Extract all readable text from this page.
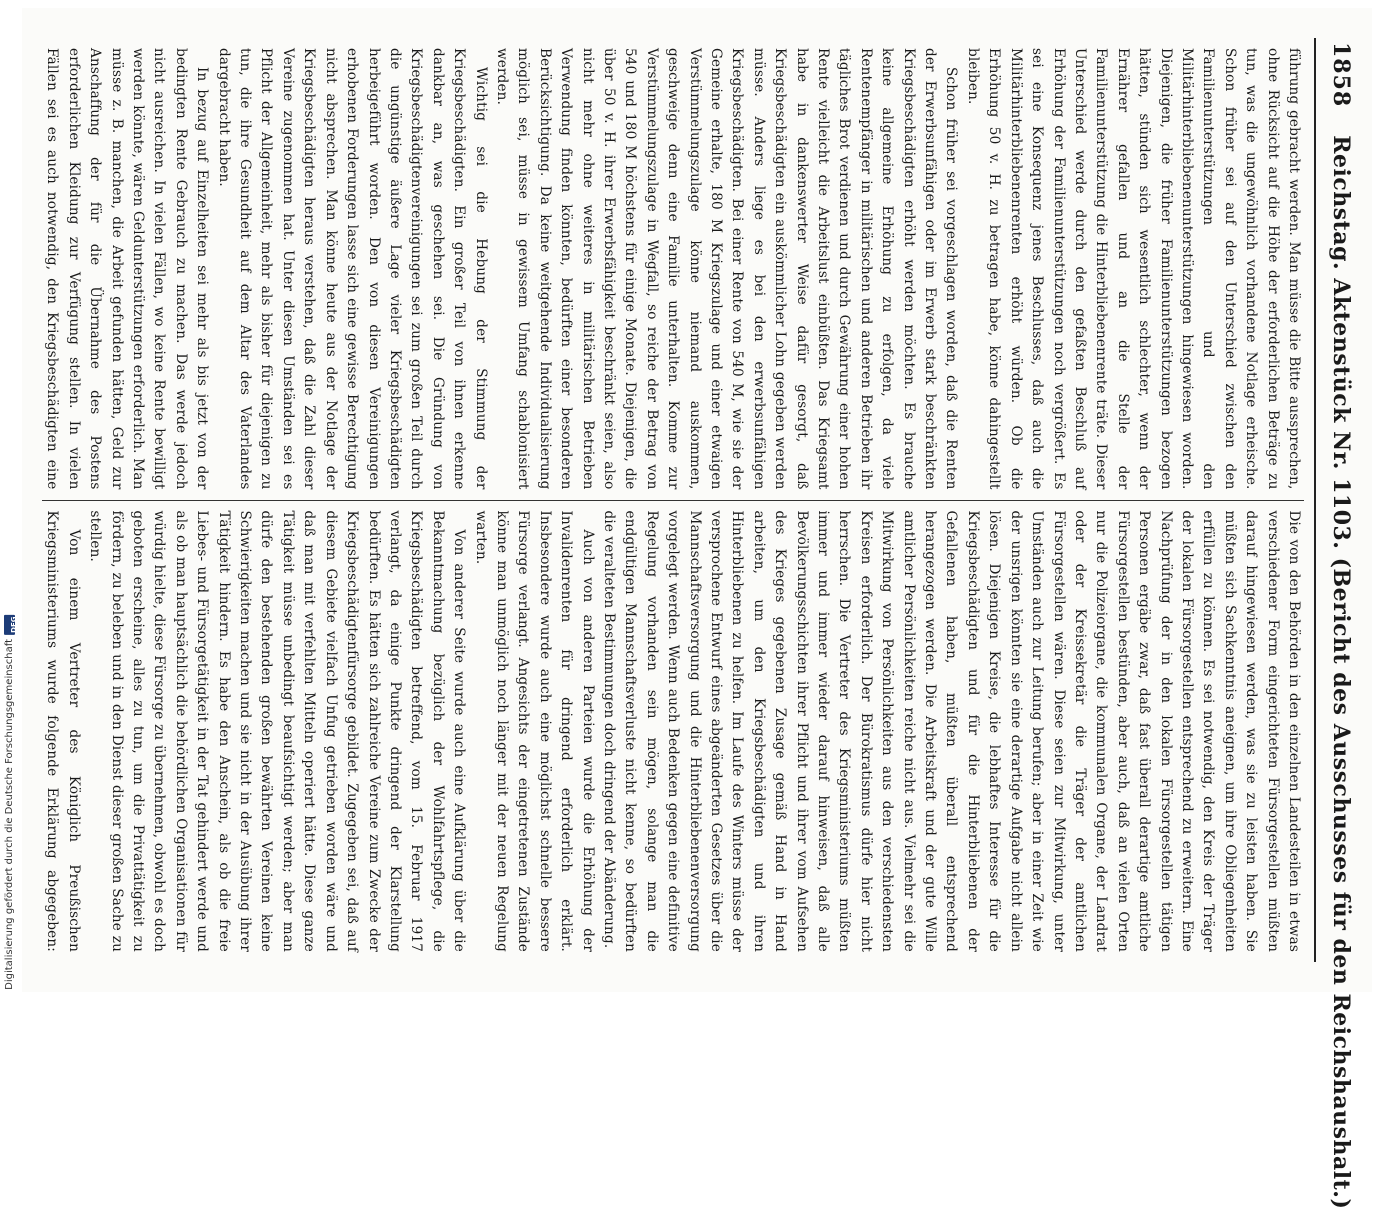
1858
Reichstag. Aktenstück Nr. 1103. (Bericht des Ausschusses für den Reichshaushalt.)

führung gebracht werden. Man müsse die Bitte aussprechen, ohne Rücksicht auf die Höhe der erforderlichen Beträge zu tun, was die ungewöhnlich vorhandene Notlage erheische. Schon früher sei auf den Unterschied zwischen den Familienunterstützungen und den Militärhinterbliebenenunterstützungen hingewiesen worden. Diejenigen, die früher Familienunterstützungen bezogen hätten, stünden sich wesentlich schlechter, wenn der Ernährer gefallen und an die Stelle der Familienunterstützung die Hinterbliebenenrente träte. Dieser Unterschied werde durch den gefaßten Beschluß auf Erhöhung der Familienunterstützungen noch vergrößert. Es sei eine Konsequenz jenes Beschlusses, daß auch die Militärhinterbliebenenrenten erhöht würden. Ob die Erhöhung 50 v. H. zu betragen habe, könne dahingestellt bleiben.

Schon früher sei vorgeschlagen worden, daß die Renten der Erwerbsunfähigen oder im Erwerb stark beschränkten Kriegsbeschädigten erhöht werden möchten. Es brauche keine allgemeine Erhöhung zu erfolgen, da viele Rentenempfänger in militärischen und anderen Betrieben ihr tägliches Brot verdienen und durch Gewährung einer hohen Rente vielleicht die Arbeitslust einbüßten. Das Kriegsamt habe in dankenswerter Weise dafür gesorgt, daß Kriegsbeschädigten ein auskömmlicher Lohn gegeben werden müsse. Anders liege es bei den erwerbsunfähigen Kriegsbeschädigten. Bei einer Rente von 540 M, wie sie der Gemeine erhalte, 180 M Kriegszulage und einer etwaigen Verstümmelungszulage könne niemand auskommen, geschweige denn eine Familie unterhalten. Komme zur Verstümmelungszulage in Wegfall, so reiche der Betrag von 540 und 180 M höchstens für einige Monate. Diejenigen, die über 50 v. H. ihrer Erwerbsfähigkeit beschränkt seien, also nicht mehr ohne weiteres in militärischen Betrieben Verwendung finden könnten, bedürften einer besonderen Berücksichtigung. Da keine weitgehende Individualisierung möglich sei, müsse in gewissem Umfang schablonisiert werden.

Wichtig sei die Hebung der Stimmung der Kriegsbeschädigten. Ein großer Teil von ihnen erkenne dankbar an, was geschehen sei. Die Gründung von Kriegsbeschädigtenvereinigungen sei zum großen Teil durch die ungünstige äußere Lage vieler Kriegsbeschädigten herbeigeführt worden. Den von diesen Vereinigungen erhobenen Forderungen lasse sich eine gewisse Berechtigung nicht absprechen. Man könne heute aus der Notlage der Kriegsbeschädigten heraus verstehen, daß die Zahl dieser Vereine zugenommen hat. Unter diesen Umständen sei es Pflicht der Allgemeinheit, mehr als bisher für diejenigen zu tun, die ihre Gesundheit auf dem Altar des Vaterlandes dargebracht haben.

In bezug auf Einzelheiten sei mehr als bis jetzt von der bedingten Rente Gebrauch zu machen. Das werde jedoch nicht ausreichen. In vielen Fällen, wo keine Rente bewilligt werden könnte, wären Geldunterstützungen erforderlich. Man müsse z. B. manchen, die Arbeit gefunden hätten, Geld zur Anschaffung der für die Übernahme des Postens erforderlichen Kleidung zur Verfügung stellen. In vielen Fällen sei es auch notwendig, den Kriegsbeschädigten eine

Die von den Behörden in den einzelnen Landesteilen in etwas verschiedener Form eingerichteten Fürsorgestellen müßten darauf hingewiesen werden, was sie zu leisten haben. Sie müßten sich Sachkenntnis aneignen, um ihre Obliegenheiten erfüllen zu können. Es sei notwendig, den Kreis der Träger der lokalen Fürsorgestellen entsprechend zu erweitern. Eine Nachprüfung der in den lokalen Fürsorgestellen tätigen Personen ergäbe zwar, daß fast überall derartige amtliche Fürsorgestellen bestünden, aber auch, daß an vielen Orten nur die Polizeiorgane, die kommunalen Organe, der Landrat oder der Kreissekretär die Träger der amtlichen Fürsorgestellen wären. Diese seien zur Mitwirkung, unter Umständen auch zur Leitung berufen; aber in einer Zeit wie der unsrigen könnten sie eine derartige Aufgabe nicht allein lösen. Diejenigen Kreise, die lebhaftes Interesse für die Kriegsbeschädigten und für die Hinterbliebenen der Gefallenen haben, müßten überall entsprechend herangezogen werden. Die Arbeitskraft und der gute Wille amtlicher Persönlichkeiten reiche nicht aus. Vielmehr sei die Mitwirkung von Persönlichkeiten aus den verschiedensten Kreisen erforderlich. Der Bürokratismus dürfe hier nicht herrschen. Die Vertreter des Kriegsministeriums müßten immer und immer wieder darauf hinweisen, daß alle Bevölkerungsschichten ihrer Pflicht und ihrer vom Aufsehen des Krieges gegebenen Zusage gemäß Hand in Hand arbeiten, um den Kriegsbeschädigten und ihren Hinterbliebenen zu helfen. Im Laufe des Winters müsse der versprochene Entwurf eines abgeänderten Gesetzes über die Mannschaftsversorgung und die Hinterbliebenenversorgung vorgelegt werden. Wenn auch Bedenken gegen eine definitive Regelung vorhanden sein mögen, solange man die endgültigen Mannschaftsverluste nicht kenne, so bedürften die veralteten Bestimmungen doch dringend der Abänderung.

Auch von anderen Parteien wurde die Erhöhung der Invalidenrenten für dringend erforderlich erklärt. Insbesondere wurde auch eine möglichst schnelle bessere Fürsorge verlangt. Angesichts der eingetretenen Zustände könne man unmöglich noch länger mit der neuen Regelung warten.

Von anderer Seite wurde auch eine Aufklärung über die Bekanntmachung bezüglich der Wohlfahrtspflege, die Kriegsbeschädigten betreffend, vom 15. Februar 1917 verlangt, da einige Punkte dringend der Klarstellung bedürften. Es hätten sich zahlreiche Vereine zum Zwecke der Kriegsbeschädigtenfürsorge gebildet. Zugegeben sei, daß auf diesem Gebiete vielfach Unfug getrieben worden wäre und daß man mit verfehlten Mitteln operiert hätte. Diese ganze Tätigkeit müsse unbedingt beaufsichtigt werden; aber man dürfe den bestehenden großen bewährten Vereinen keine Schwierigkeiten machen und sie nicht in der Ausübung ihrer Tätigkeit hindern. Es habe den Anschein, als ob die freie Liebes- und Fürsorgetätigkeit in der Tat gehindert werde und als ob man hauptsächlich die behördlichen Organisationen für würdig hielte, diese Fürsorge zu übernehmen, obwohl es doch geboten erscheine, alles zu tun, um die Privattätigkeit zu fördern, zu beleben und in den Dienst dieser großen Sache zu stellen.

Von einem Vertreter des Königlich Preußischen Kriegsministeriums wurde folgende Erklärung abgegeben:

Digitalisierung gefördert durch die Deutsche Forschungsgemeinschaft
DFG
